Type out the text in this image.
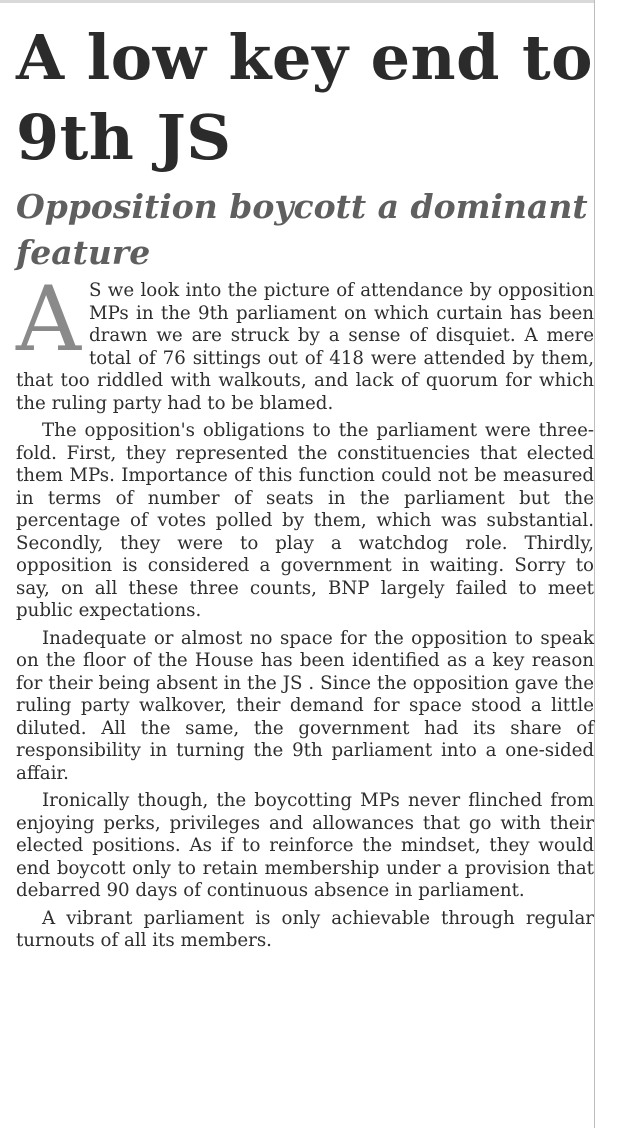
A low key end to 9th JS
Opposition boycott a dominant feature

A S we look into the picture of attendance by opposition MPs in the 9th parliament on which curtain has been drawn we are struck by a sense of disquiet. A mere total of 76 sittings out of 418 were attended by them, that too riddled with walkouts, and lack of quorum for which the ruling party had to be blamed.

The opposition's obligations to the parliament were three-fold. First, they represented the constituencies that elected them MPs. Importance of this function could not be measured in terms of number of seats in the parliament but the percentage of votes polled by them, which was substantial. Secondly, they were to play a watchdog role. Thirdly, opposition is considered a government in waiting. Sorry to say, on all these three counts, BNP largely failed to meet public expectations.

Inadequate or almost no space for the opposition to speak on the floor of the House has been identified as a key reason for their being absent in the JS . Since the opposition gave the ruling party walkover, their demand for space stood a little diluted. All the same, the government had its share of responsibility in turning the 9th parliament into a one-sided affair.

Ironically though, the boycotting MPs never flinched from enjoying perks, privileges and allowances that go with their elected positions. As if to reinforce the mindset, they would end boycott only to retain membership under a provision that debarred 90 days of continuous absence in parliament.

A vibrant parliament is only achievable through regular turnouts of all its members.
